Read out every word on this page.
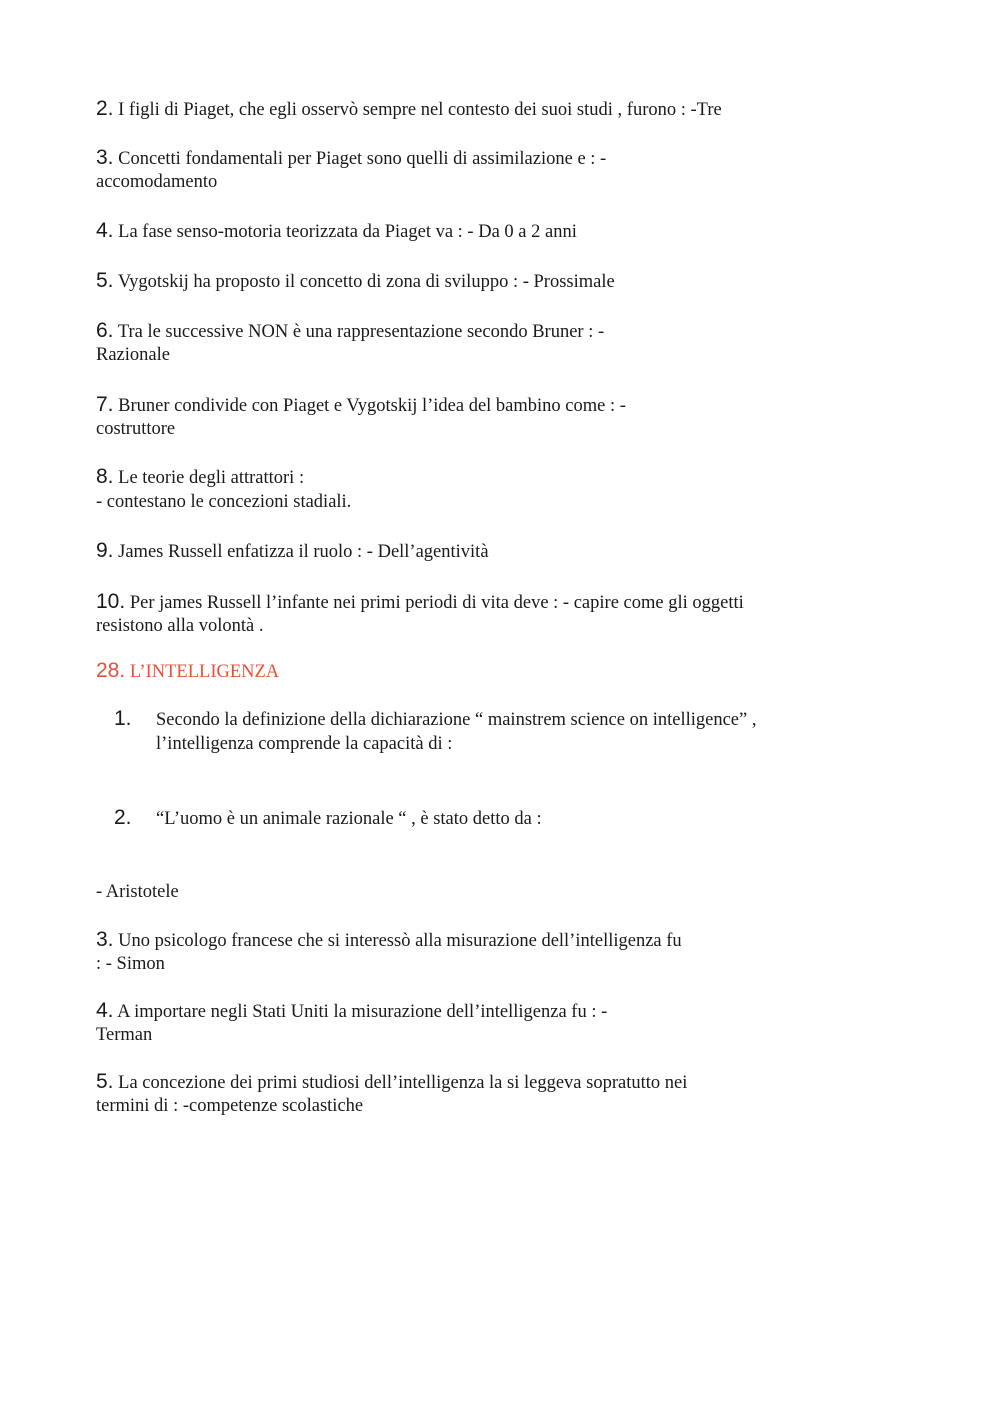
2. I figli di Piaget, che egli osservò sempre nel contesto dei suoi studi , furono : -Tre

3. Concetti fondamentali per Piaget sono quelli di assimilazione e : -

accomodamento

4. La fase senso-motoria teorizzata da Piaget va : - Da 0 a 2 anni

5. Vygotskij ha proposto il concetto di zona di sviluppo : - Prossimale

6. Tra le successive NON è una rappresentazione secondo Bruner : -

Razionale

7. Bruner condivide con Piaget e Vygotskij l’idea del bambino come : -

costruttore

8. Le teorie degli attrattori :

- contestano le concezioni stadiali.

9. James Russell enfatizza il ruolo : - Dell’agentività

10. Per james Russell l’infante nei primi periodi di vita deve : - capire come gli oggetti

resistono alla volontà .

28. L’INTELLIGENZA

1. Secondo la definizione della dichiarazione “ mainstrem science on intelligence” ,

l’intelligenza comprende la capacità di :

2. “L’uomo è un animale razionale “ , è stato detto da :

- Aristotele

3. Uno psicologo francese che si interessò alla misurazione dell’intelligenza fu

: - Simon

4. A importare negli Stati Uniti la misurazione dell’intelligenza fu : -

Terman

5. La concezione dei primi studiosi dell’intelligenza la si leggeva sopratutto nei

termini di : -competenze scolastiche
